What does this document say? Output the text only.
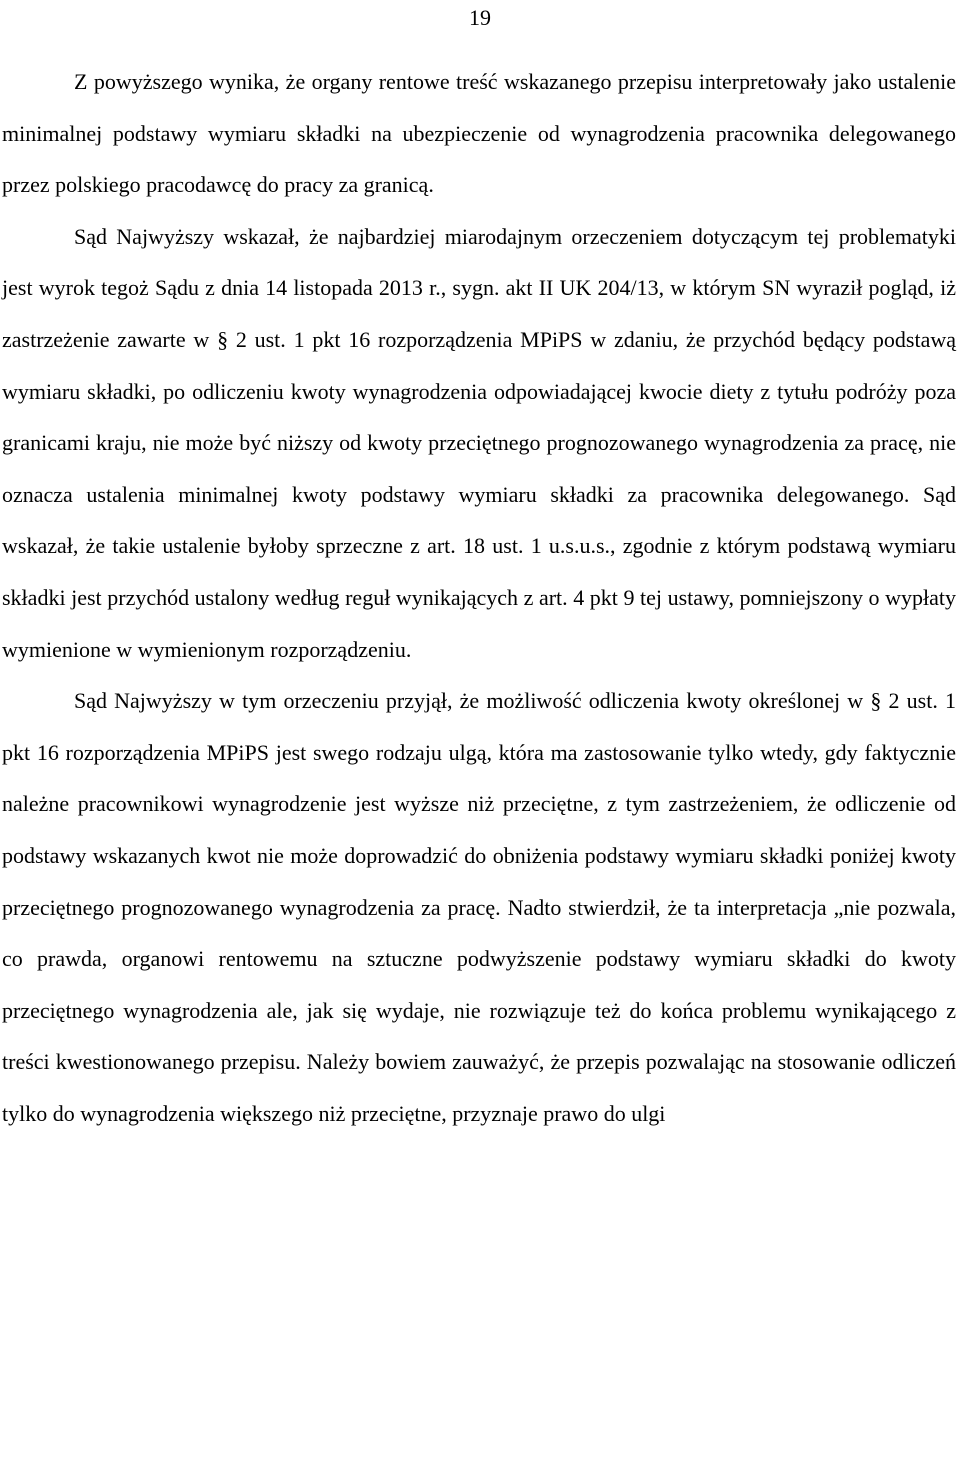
19

Z powyższego wynika, że organy rentowe treść wskazanego przepisu interpretowały jako ustalenie minimalnej podstawy wymiaru składki na ubezpieczenie od wynagrodzenia pracownika delegowanego przez polskiego pracodawcę do pracy za granicą.

Sąd Najwyższy wskazał, że najbardziej miarodajnym orzeczeniem dotyczącym tej problematyki jest wyrok tegoż Sądu z dnia 14 listopada 2013 r., sygn. akt II UK 204/13, w którym SN wyraził pogląd, iż zastrzeżenie zawarte w § 2 ust. 1 pkt 16 rozporządzenia MPiPS w zdaniu, że przychód będący podstawą wymiaru składki, po odliczeniu kwoty wynagrodzenia odpowiadającej kwocie diety z tytułu podróży poza granicami kraju, nie może być niższy od kwoty przeciętnego prognozowanego wynagrodzenia za pracę, nie oznacza ustalenia minimalnej kwoty podstawy wymiaru składki za pracownika delegowanego. Sąd wskazał, że takie ustalenie byłoby sprzeczne z art. 18 ust. 1 u.s.u.s., zgodnie z którym podstawą wymiaru składki jest przychód ustalony według reguł wynikających z art. 4 pkt 9 tej ustawy, pomniejszony o wypłaty wymienione w wymienionym rozporządzeniu.

Sąd Najwyższy w tym orzeczeniu przyjął, że możliwość odliczenia kwoty określonej w § 2 ust. 1 pkt 16 rozporządzenia MPiPS jest swego rodzaju ulgą, która ma zastosowanie tylko wtedy, gdy faktycznie należne pracownikowi wynagrodzenie jest wyższe niż przeciętne, z tym zastrzeżeniem, że odliczenie od podstawy wskazanych kwot nie może doprowadzić do obniżenia podstawy wymiaru składki poniżej kwoty przeciętnego prognozowanego wynagrodzenia za pracę. Nadto stwierdził, że ta interpretacja „nie pozwala, co prawda, organowi rentowemu na sztuczne podwyższenie podstawy wymiaru składki do kwoty przeciętnego wynagrodzenia ale, jak się wydaje, nie rozwiązuje też do końca problemu wynikającego z treści kwestionowanego przepisu. Należy bowiem zauważyć, że przepis pozwalając na stosowanie odliczeń tylko do wynagrodzenia większego niż przeciętne, przyznaje prawo do ulgi
